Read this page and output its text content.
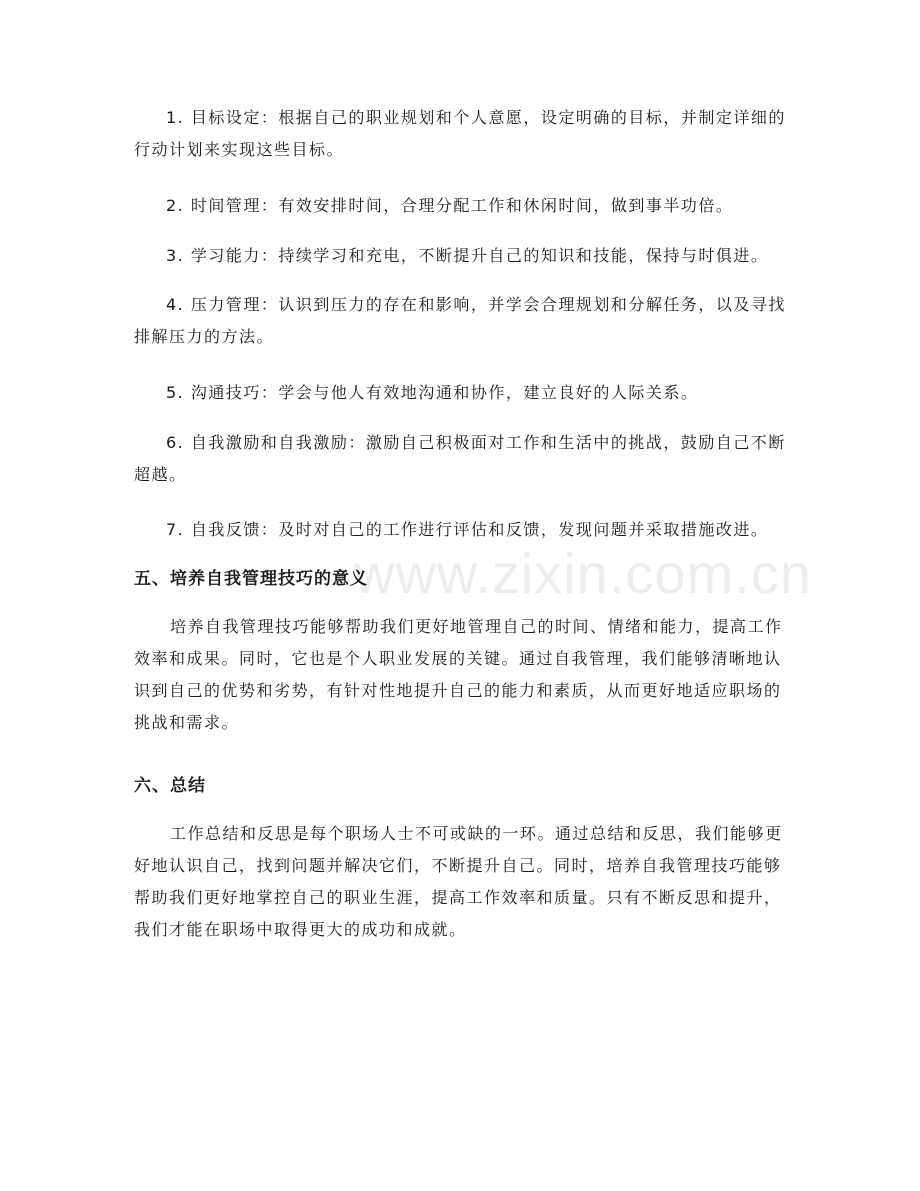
1. 目标设定：根据自己的职业规划和个人意愿，设定明确的目标，并制定详细的行动计划来实现这些目标。

2. 时间管理：有效安排时间，合理分配工作和休闲时间，做到事半功倍。

3. 学习能力：持续学习和充电，不断提升自己的知识和技能，保持与时俱进。

4. 压力管理：认识到压力的存在和影响，并学会合理规划和分解任务，以及寻找排解压力的方法。

5. 沟通技巧：学会与他人有效地沟通和协作，建立良好的人际关系。

6. 自我激励和自我激励：激励自己积极面对工作和生活中的挑战，鼓励自己不断超越。

7. 自我反馈：及时对自己的工作进行评估和反馈，发现问题并采取措施改进。

五、培养自我管理技巧的意义

培养自我管理技巧能够帮助我们更好地管理自己的时间、情绪和能力，提高工作效率和成果。同时，它也是个人职业发展的关键。通过自我管理，我们能够清晰地认识到自己的优势和劣势，有针对性地提升自己的能力和素质，从而更好地适应职场的挑战和需求。

六、总结

工作总结和反思是每个职场人士不可或缺的一环。通过总结和反思，我们能够更好地认识自己，找到问题并解决它们，不断提升自己。同时，培养自我管理技巧能够帮助我们更好地掌控自己的职业生涯，提高工作效率和质量。只有不断反思和提升，我们才能在职场中取得更大的成功和成就。

www.zixin.com.cn
